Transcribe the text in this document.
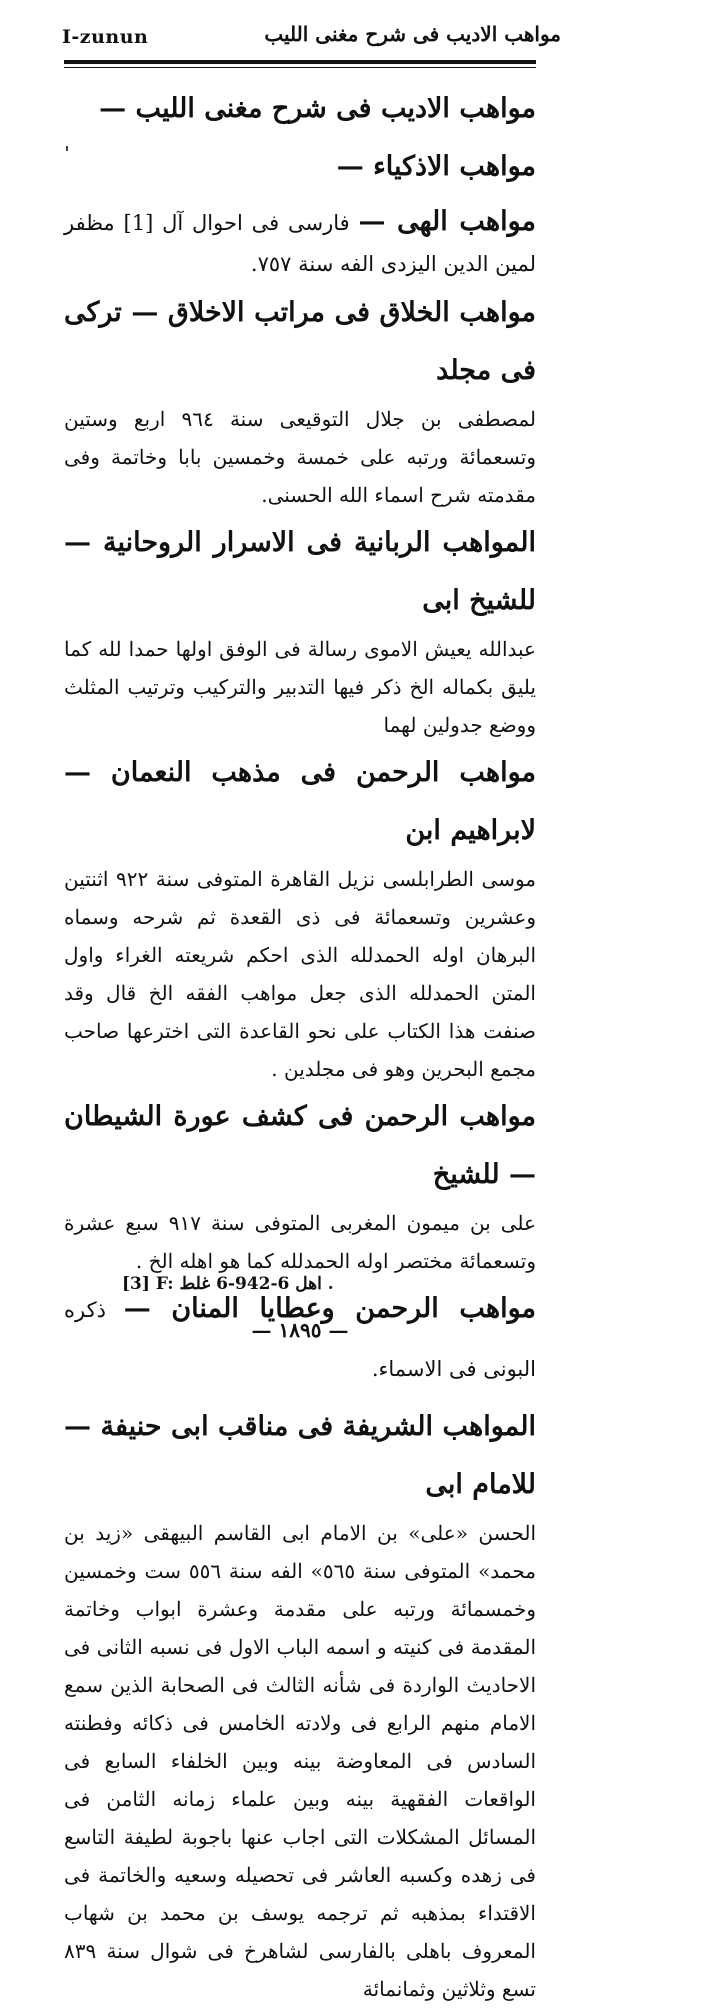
I-zunun	مواهب الاديب فى شرح مغنى الليب

مواهب الاديب فى شرح مغنى الليب —

مواهب الاذكياء —

مواهب الهى — فارسى فى احوال آل [1] مظفر لمين الدين اليزدى الفه سنة ٧٥٧.

مواهب الخلاق فى مراتب الاخلاق — تركى فى مجلد

لمصطفى بن جلال التوقيعى سنة ٩٦٤ اربع وستين وتسعمائة ورتبه على خمسة وخمسين بابا وخاتمة وفى مقدمته شرح اسماء الله الحسنى.

المواهب الربانية فى الاسرار الروحانية — للشيخ ابى

عبدالله يعيش الاموى رسالة فى الوفق اولها حمدا لله كما يليق بكماله الخ ذكر فيها التدبير والتركيب وترتيب المثلث ووضع جدولين لهما

مواهب الرحمن فى مذهب النعمان — لابراهيم ابن

موسى الطرابلسى نزيل القاهرة المتوفى سنة ٩٢٢ اثنتين وعشرين وتسعمائة فى ذى القعدة ثم شرحه وسماه البرهان اوله الحمدلله الذى احكم شريعته الغراء واول المتن الحمدلله الذى جعل مواهب الفقه الخ قال وقد صنفت هذا الكتاب على نحو القاعدة التى اخترعها صاحب مجمع البحرين وهو فى مجلدين .

مواهب الرحمن فى كشف عورة الشيطان — للشيخ

على بن ميمون المغربى المتوفى سنة ٩١٧ سبع عشرة وتسعمائة مختصر اوله الحمدلله كما هو اهله الخ .

مواهب الرحمن وعطايا المنان — ذكره البونى فى الاسماء.

المواهب الشريفة فى مناقب ابى حنيفة — للامام ابى

الحسن «على» بن الامام ابى القاسم البيهقى «زيد بن محمد» المتوفى سنة ٥٦٥» الفه سنة ٥٥٦ ست وخمسين وخمسمائة ورتبه على مقدمة وعشرة ابواب وخاتمة المقدمة فى كنيته و اسمه الباب الاول فى نسبه الثانى فى الاحاديث الواردة فى شأنه الثالث فى الصحابة الذين سمع الامام منهم الرابع فى ولادته الخامس فى ذكائه وفطنته السادس فى المعاوضة بينه وبين الخلفاء السابع فى الواقعات الفقهية بينه وبين علماء زمانه الثامن فى المسائل المشكلات التى اجاب عنها باجوبة لطيفة التاسع فى زهده وكسبه العاشر فى تحصيله وسعيه والخاتمة فى الاقتداء بمذهبه ثم ترجمه يوسف بن محمد بن شهاب المعروف باهلى بالفارسى لشاهرخ فى شوال سنة ٨٣٩ تسع وثلاثين وثمانمائة

[3] F: اهل 6-942-6 غلط .
— ١٨٩٥ —
